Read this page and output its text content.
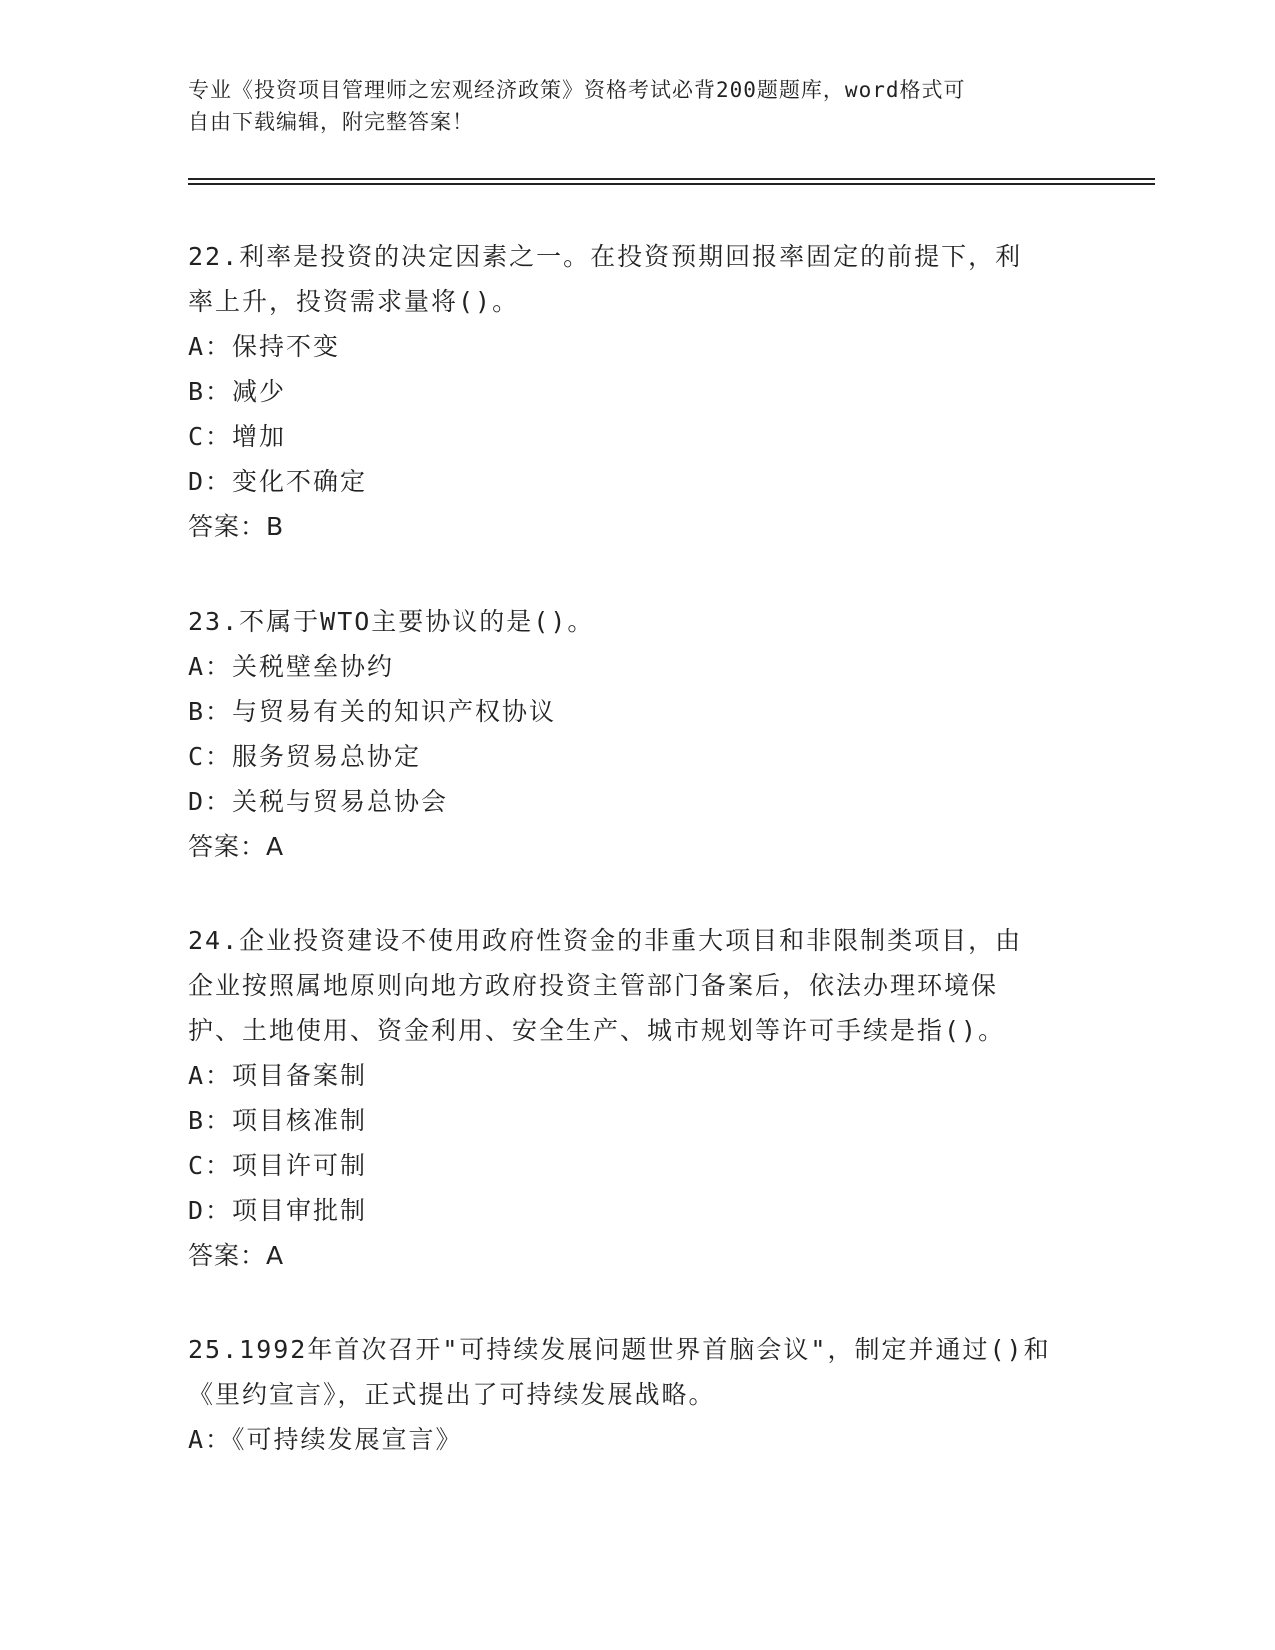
专业《投资项目管理师之宏观经济政策》资格考试必背200题题库，word格式可
自由下载编辑，附完整答案！

22.利率是投资的决定因素之一。在投资预期回报率固定的前提下，利

率上升，投资需求量将()。

A：保持不变

B：减少

C：增加

D：变化不确定

答案：B

23.不属于WTO主要协议的是()。

A：关税壁垒协约

B：与贸易有关的知识产权协议

C：服务贸易总协定

D：关税与贸易总协会

答案：A

24.企业投资建设不使用政府性资金的非重大项目和非限制类项目，由

企业按照属地原则向地方政府投资主管部门备案后，依法办理环境保

护、土地使用、资金利用、安全生产、城市规划等许可手续是指()。

A：项目备案制

B：项目核准制

C：项目许可制

D：项目审批制

答案：A

25.1992年首次召开"可持续发展问题世界首脑会议"，制定并通过()和

《里约宣言》，正式提出了可持续发展战略。

A：《可持续发展宣言》
